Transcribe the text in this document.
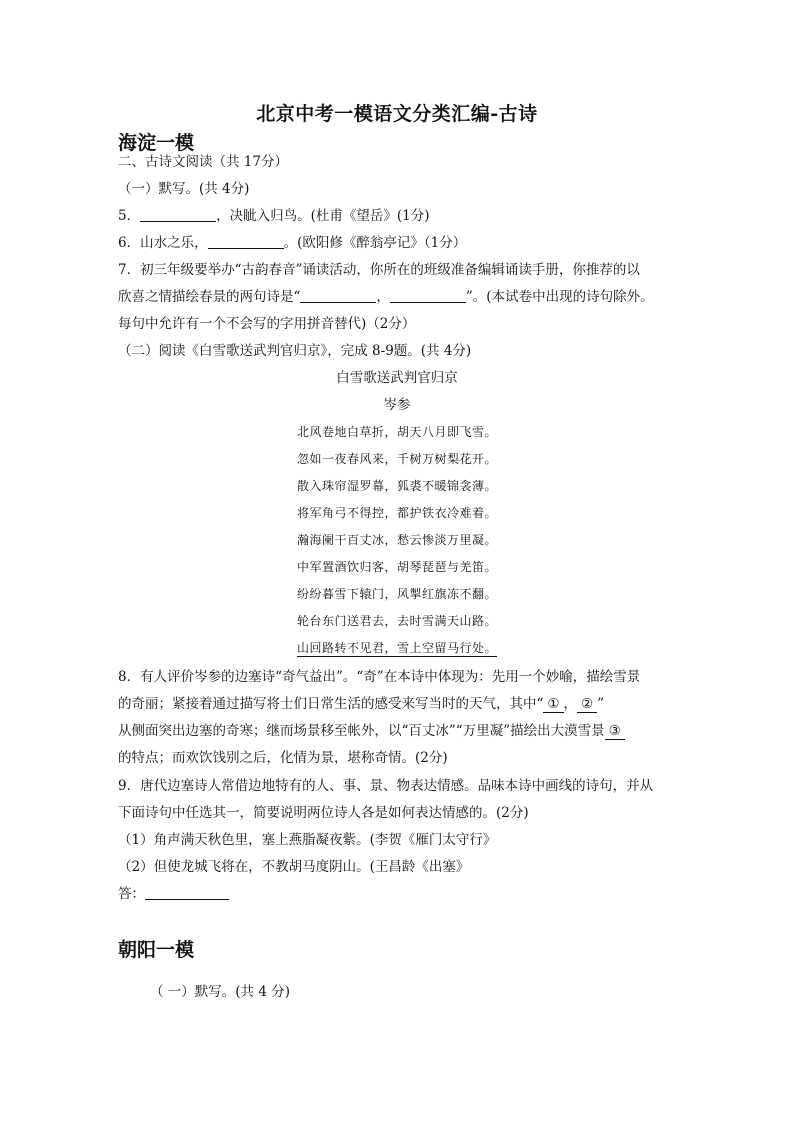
北京中考一模语文分类汇编-古诗
海淀一模
二、古诗文阅读（共 17分）
（一）默写。(共 4分)
5．	，决眦入归鸟。(杜甫《望岳》(1分)
6．山水之乐，	。(欧阳修《醉翁亭记》（1分）
7．初三年级要举办“古韵春音”诵读活动，你所在的班级准备编辑诵读手册，你推荐的以
欣喜之情描绘春景的两句诗是“	，	”。(本试卷中出现的诗句除外。
每句中允许有一个不会写的字用拼音替代)（2分）
（二）阅读《白雪歌送武判官归京》，完成 8-9题。(共 4分)
白雪歌送武判官归京
岑参
北风卷地白草折，胡天八月即飞雪。
忽如一夜春风来，千树万树梨花开。
散入珠帘湿罗幕，狐裘不暖锦衾薄。
将军角弓不得控，都护铁衣冷难着。
瀚海阑干百丈冰，愁云惨淡万里凝。
中军置酒饮归客，胡琴琵琶与羌笛。
纷纷暮雪下辕门，风掣红旗冻不翻。
轮台东门送君去，去时雪满天山路。
山回路转不见君，雪上空留马行处。
8．有人评价岑参的边塞诗“奇气益出”。“奇”在本诗中体现为：先用一个妙喻，描绘雪景
的奇丽；紧接着通过描写将士们日常生活的感受来写当时的天气，其中“ ① ， ② ”
从侧面突出边塞的奇寒；继而场景移至帐外，以“百丈冰”“万里凝”描绘出大漠雪景 ③
的特点；而欢饮饯别之后，化情为景，堪称奇情。(2分)
9．唐代边塞诗人常借边地特有的人、事、景、物表达情感。品味本诗中画线的诗句，并从
下面诗句中任选其一，简要说明两位诗人各是如何表达情感的。(2分)
（1）角声满天秋色里，塞上燕脂凝夜紫。(李贺《雁门太守行》
（2）但使龙城飞将在，不教胡马度阴山。(王昌龄《出塞》
答：
朝阳一模
（ 一）默写。(共 4 分)
